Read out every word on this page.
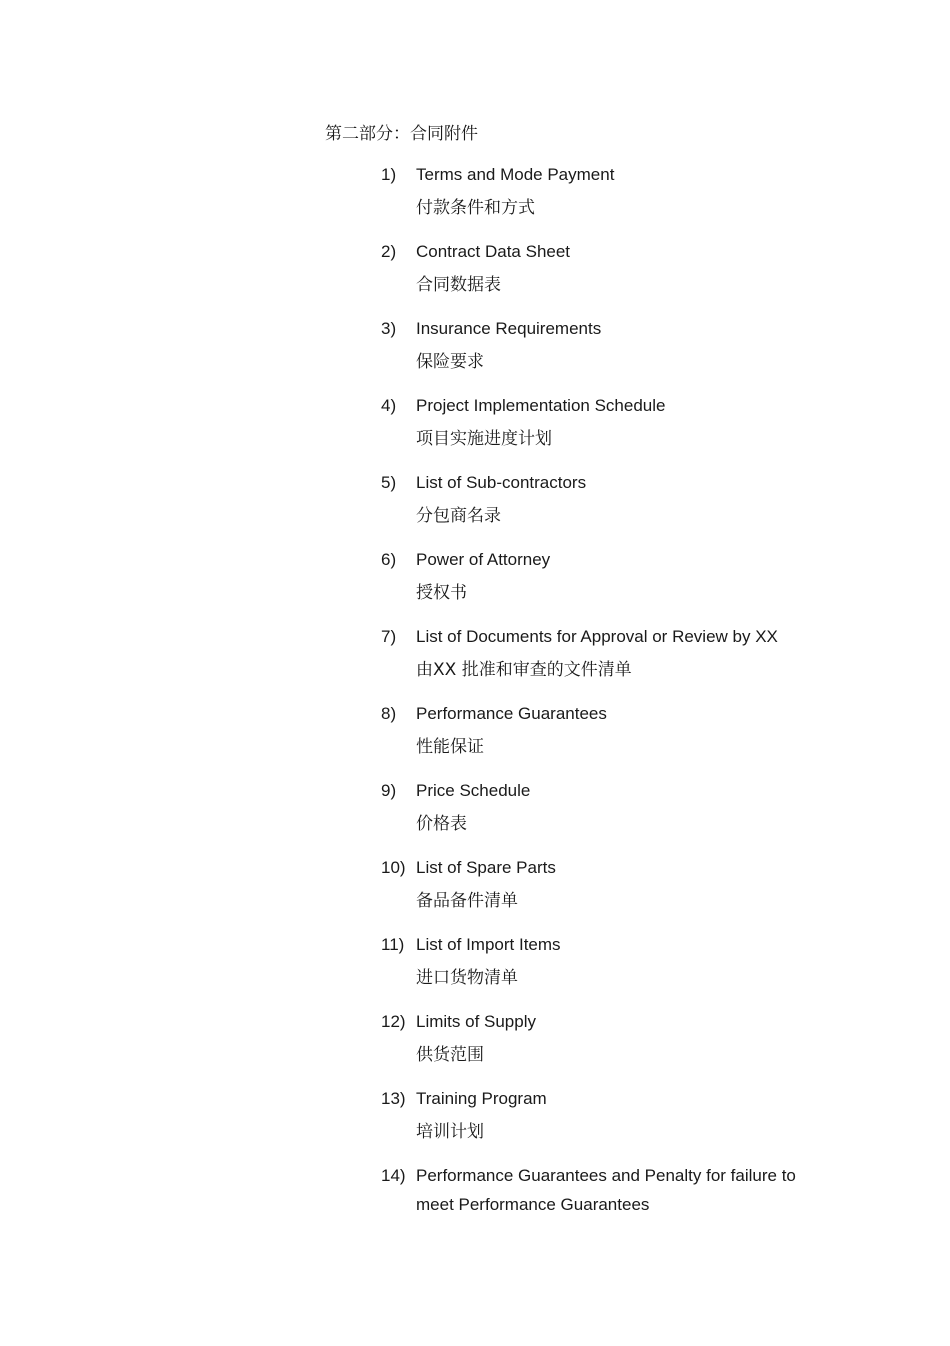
第二部分：合同附件
1) Terms and Mode Payment
付款条件和方式
2) Contract Data Sheet
合同数据表
3) Insurance Requirements
保险要求
4) Project Implementation Schedule
项目实施进度计划
5) List of Sub-contractors
分包商名录
6) Power of Attorney
授权书
7) List of Documents for Approval or Review by XX
由XX 批准和审查的文件清单
8) Performance Guarantees
性能保证
9) Price Schedule
价格表
10) List of Spare Parts
备品备件清单
11) List of Import Items
进口货物清单
12) Limits of Supply
供货范围
13) Training Program
培训计划
14) Performance Guarantees and Penalty for failure to meet Performance Guarantees
